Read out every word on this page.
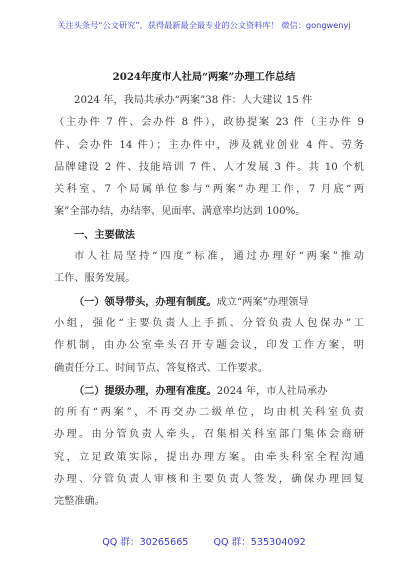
关注头条号“公文研究”，获得最新最全最专业的公文资料库！ 微信：gongwenyj
2024年度市人社局“两案”办理工作总结
2024 年，我局共承办“两案”38 件：人大建议 15 件
（主办件 7 件、会办件 8 件），政协提案 23 件（主办件 9
件、会办件 14 件）；主办件中，涉及就业创业 4 件、劳务
品牌建设 2 件、技能培训 7 件、人才发展 3 件。共 10 个机
关科室、7 个局属单位参与“两案”办理工作，7 月底“两
案”全部办结，办结率、见面率、满意率均达到 100%。
一、主要做法
市人社局坚持“四度”标准，通过办理好“两案”推动
工作、服务发展。
（一）领导带头，办理有制度。成立“两案”办理领导
小组，强化“主要负责人上手抓、分管负责人包保办”工
作机制，由办公室牵头召开专题会议，印发工作方案，明
确责任分工、时间节点、答复格式、工作要求。
（二）提级办理，办理有准度。2024 年，市人社局承办
的所有“两案”，不再交办二级单位，均由机关科室负责
办理。由分管负责人牵头，召集相关科室部门集体会商研
究，立足政策实际，提出办理方案。由牵头科室全程沟通
办理、分管负责人审核和主要负责人签发，确保办理回复
完整准确。
QQ 群：30265665	QQ 群：535304092
